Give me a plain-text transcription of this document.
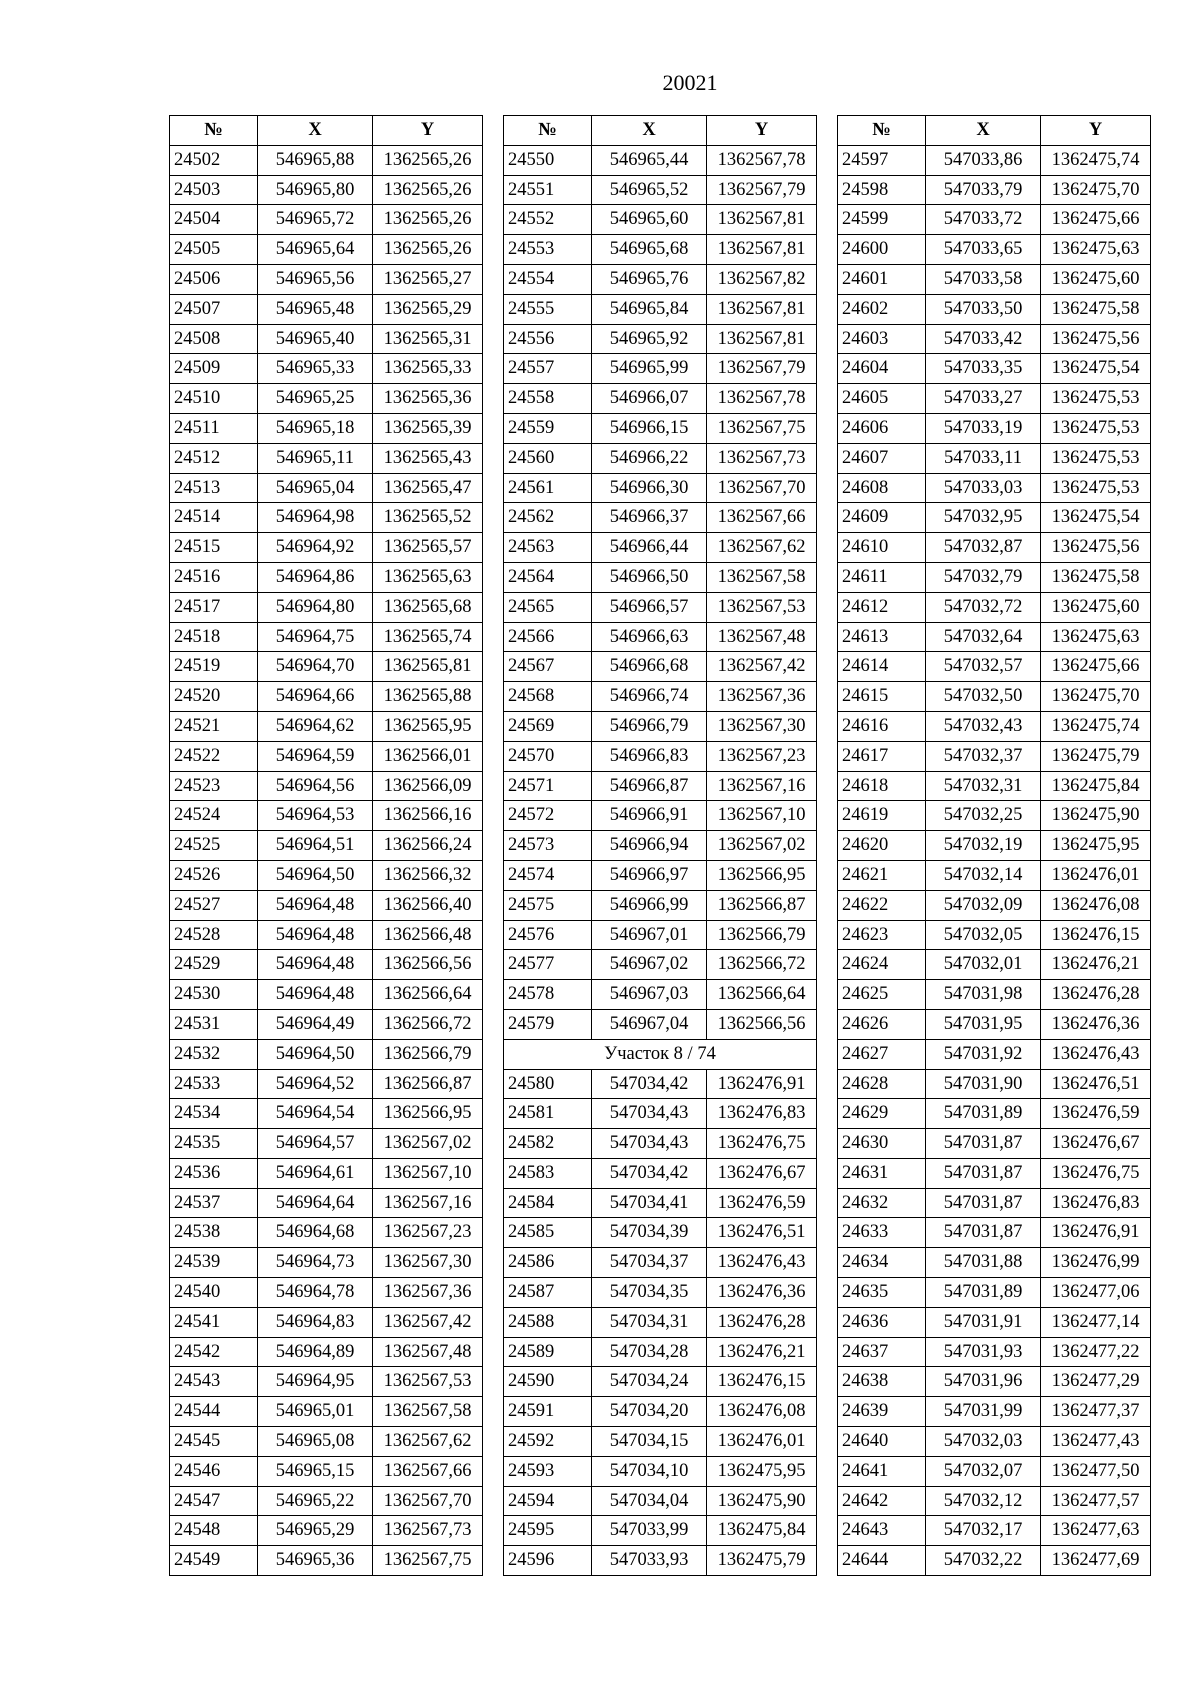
20021
№	X	Y
24502	546965,88	1362565,26
24503	546965,80	1362565,26
24504	546965,72	1362565,26
24505	546965,64	1362565,26
24506	546965,56	1362565,27
24507	546965,48	1362565,29
24508	546965,40	1362565,31
24509	546965,33	1362565,33
24510	546965,25	1362565,36
24511	546965,18	1362565,39
24512	546965,11	1362565,43
24513	546965,04	1362565,47
24514	546964,98	1362565,52
24515	546964,92	1362565,57
24516	546964,86	1362565,63
24517	546964,80	1362565,68
24518	546964,75	1362565,74
24519	546964,70	1362565,81
24520	546964,66	1362565,88
24521	546964,62	1362565,95
24522	546964,59	1362566,01
24523	546964,56	1362566,09
24524	546964,53	1362566,16
24525	546964,51	1362566,24
24526	546964,50	1362566,32
24527	546964,48	1362566,40
24528	546964,48	1362566,48
24529	546964,48	1362566,56
24530	546964,48	1362566,64
24531	546964,49	1362566,72
24532	546964,50	1362566,79
24533	546964,52	1362566,87
24534	546964,54	1362566,95
24535	546964,57	1362567,02
24536	546964,61	1362567,10
24537	546964,64	1362567,16
24538	546964,68	1362567,23
24539	546964,73	1362567,30
24540	546964,78	1362567,36
24541	546964,83	1362567,42
24542	546964,89	1362567,48
24543	546964,95	1362567,53
24544	546965,01	1362567,58
24545	546965,08	1362567,62
24546	546965,15	1362567,66
24547	546965,22	1362567,70
24548	546965,29	1362567,73
24549	546965,36	1362567,75
№	X	Y
24550	546965,44	1362567,78
24551	546965,52	1362567,79
24552	546965,60	1362567,81
24553	546965,68	1362567,81
24554	546965,76	1362567,82
24555	546965,84	1362567,81
24556	546965,92	1362567,81
24557	546965,99	1362567,79
24558	546966,07	1362567,78
24559	546966,15	1362567,75
24560	546966,22	1362567,73
24561	546966,30	1362567,70
24562	546966,37	1362567,66
24563	546966,44	1362567,62
24564	546966,50	1362567,58
24565	546966,57	1362567,53
24566	546966,63	1362567,48
24567	546966,68	1362567,42
24568	546966,74	1362567,36
24569	546966,79	1362567,30
24570	546966,83	1362567,23
24571	546966,87	1362567,16
24572	546966,91	1362567,10
24573	546966,94	1362567,02
24574	546966,97	1362566,95
24575	546966,99	1362566,87
24576	546967,01	1362566,79
24577	546967,02	1362566,72
24578	546967,03	1362566,64
24579	546967,04	1362566,56
Участок 8 / 74		
24580	547034,42	1362476,91
24581	547034,43	1362476,83
24582	547034,43	1362476,75
24583	547034,42	1362476,67
24584	547034,41	1362476,59
24585	547034,39	1362476,51
24586	547034,37	1362476,43
24587	547034,35	1362476,36
24588	547034,31	1362476,28
24589	547034,28	1362476,21
24590	547034,24	1362476,15
24591	547034,20	1362476,08
24592	547034,15	1362476,01
24593	547034,10	1362475,95
24594	547034,04	1362475,90
24595	547033,99	1362475,84
24596	547033,93	1362475,79
№	X	Y
24597	547033,86	1362475,74
24598	547033,79	1362475,70
24599	547033,72	1362475,66
24600	547033,65	1362475,63
24601	547033,58	1362475,60
24602	547033,50	1362475,58
24603	547033,42	1362475,56
24604	547033,35	1362475,54
24605	547033,27	1362475,53
24606	547033,19	1362475,53
24607	547033,11	1362475,53
24608	547033,03	1362475,53
24609	547032,95	1362475,54
24610	547032,87	1362475,56
24611	547032,79	1362475,58
24612	547032,72	1362475,60
24613	547032,64	1362475,63
24614	547032,57	1362475,66
24615	547032,50	1362475,70
24616	547032,43	1362475,74
24617	547032,37	1362475,79
24618	547032,31	1362475,84
24619	547032,25	1362475,90
24620	547032,19	1362475,95
24621	547032,14	1362476,01
24622	547032,09	1362476,08
24623	547032,05	1362476,15
24624	547032,01	1362476,21
24625	547031,98	1362476,28
24626	547031,95	1362476,36
24627	547031,92	1362476,43
24628	547031,90	1362476,51
24629	547031,89	1362476,59
24630	547031,87	1362476,67
24631	547031,87	1362476,75
24632	547031,87	1362476,83
24633	547031,87	1362476,91
24634	547031,88	1362476,99
24635	547031,89	1362477,06
24636	547031,91	1362477,14
24637	547031,93	1362477,22
24638	547031,96	1362477,29
24639	547031,99	1362477,37
24640	547032,03	1362477,43
24641	547032,07	1362477,50
24642	547032,12	1362477,57
24643	547032,17	1362477,63
24644	547032,22	1362477,69
